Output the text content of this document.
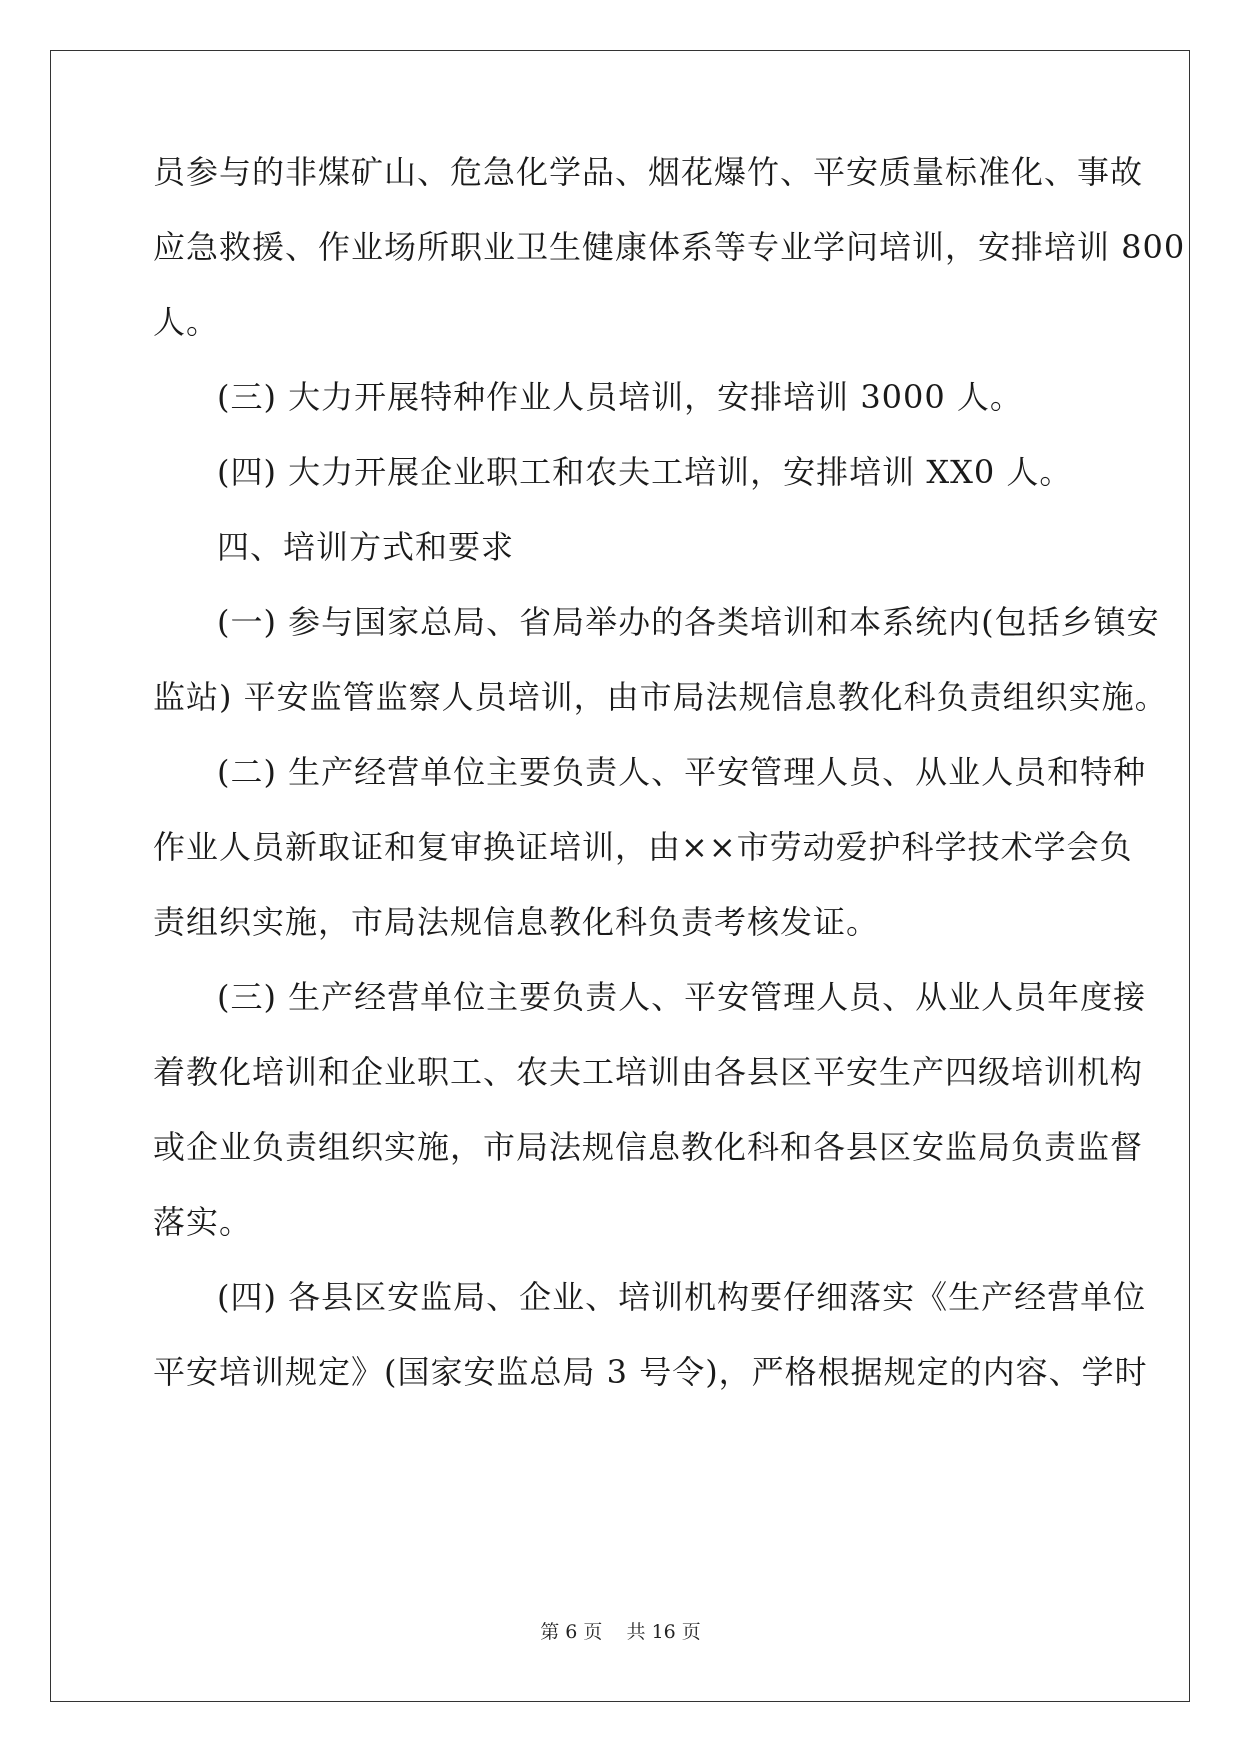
员参与的非煤矿山、危急化学品、烟花爆竹、平安质量标准化、事故
应急救援、作业场所职业卫生健康体系等专业学问培训，安排培训 800
人。
(三) 大力开展特种作业人员培训，安排培训 3000 人。
(四) 大力开展企业职工和农夫工培训，安排培训 XX0 人。
四、培训方式和要求
(一) 参与国家总局、省局举办的各类培训和本系统内(包括乡镇安
监站) 平安监管监察人员培训，由市局法规信息教化科负责组织实施。
(二) 生产经营单位主要负责人、平安管理人员、从业人员和特种
作业人员新取证和复审换证培训，由××市劳动爱护科学技术学会负
责组织实施，市局法规信息教化科负责考核发证。
(三) 生产经营单位主要负责人、平安管理人员、从业人员年度接
着教化培训和企业职工、农夫工培训由各县区平安生产四级培训机构
或企业负责组织实施，市局法规信息教化科和各县区安监局负责监督
落实。
(四) 各县区安监局、企业、培训机构要仔细落实《生产经营单位
平安培训规定》(国家安监总局 3 号令)，严格根据规定的内容、学时
第 6 页    共 16 页
